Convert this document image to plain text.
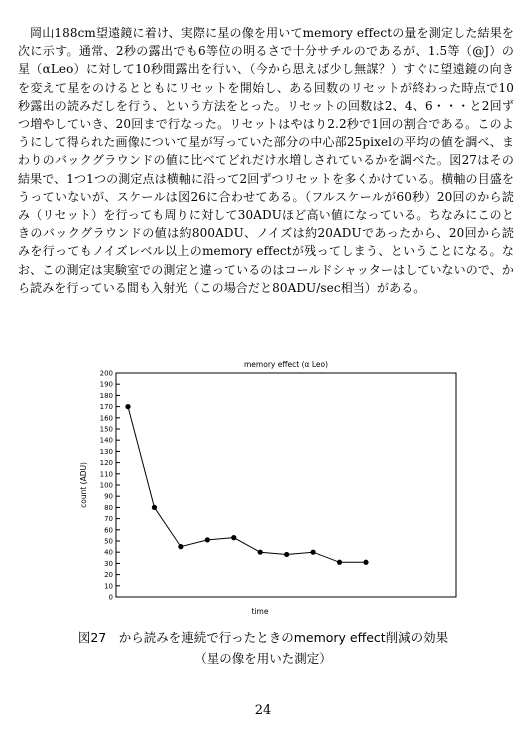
岡山188cm望遠鏡に着け、実際に星の像を用いてmemory effectの量を測定した結果を次に示す。通常、2秒の露出でも6等位の明るさで十分サチルのであるが、1.5等（@J）の星（αLeo）に対して10秒間露出を行い、（今から思えば少し無謀？）すぐに望遠鏡の向きを変えて星をのけるとともにリセットを開始し、ある回数のリセットが終わった時点で10秒露出の読みだしを行う、という方法をとった。リセットの回数は2、4、6・・・と2回ずつ増やしていき、20回まで行なった。リセットはやはり2.2秒で1回の割合である。このようにして得られた画像について星が写っていた部分の中心部25pixelの平均の値を調べ、まわりのバックグラウンドの値に比べてどれだけ水増しされているかを調べた。図27はその結果で、1つ1つの測定点は横軸に沿って2回ずつリセットを多くかけている。横軸の目盛をうっていないが、スケールは図26に合わせてある。（フルスケールが60秒）20回のから読み（リセット）を行っても周りに対して30ADUほど高い値になっている。ちなみにこのときのバックグラウンドの値は約800ADU、ノイズは約20ADUであったから、20回から読みを行ってもノイズレベル以上のmemory effectが残ってしまう、ということになる。なお、この測定は実験室での測定と違っているのはコールドシャッターはしていないので、から読みを行っている間も入射光（この場合だと80ADU/sec相当）がある。

memory effect (α Leo)
count (ADU)
time
0
10
20
30
40
50
60
70
80
90
100
110
120
130
140
150
160
170
180
190
200
図27　から読みを連続で行ったときのmemory effect削減の効果
（星の像を用いた測定）
24
